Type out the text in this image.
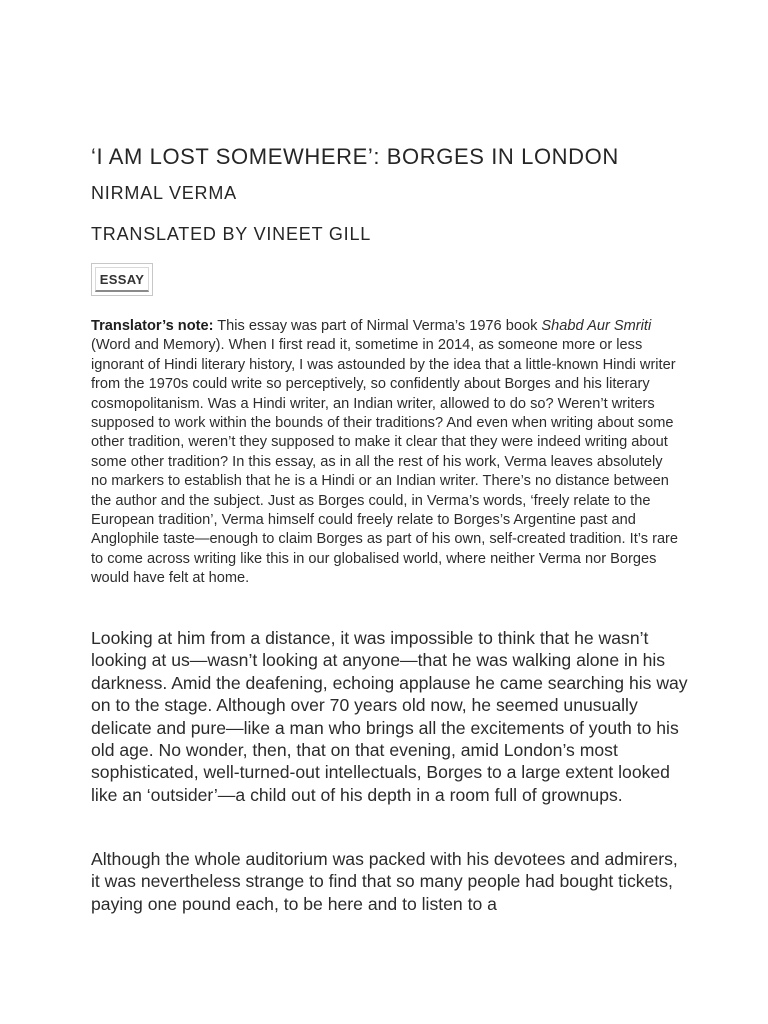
‘I AM LOST SOMEWHERE’: BORGES IN LONDON

NIRMAL VERMA

TRANSLATED BY VINEET GILL

ESSAY

Translator’s note: This essay was part of Nirmal Verma’s 1976 book Shabd Aur Smriti (Word and Memory). When I first read it, sometime in 2014, as someone more or less ignorant of Hindi literary history, I was astounded by the idea that a little-known Hindi writer from the 1970s could write so perceptively, so confidently about Borges and his literary cosmopolitanism. Was a Hindi writer, an Indian writer, allowed to do so? Weren’t writers supposed to work within the bounds of their traditions? And even when writing about some other tradition, weren’t they supposed to make it clear that they were indeed writing about some other tradition? In this essay, as in all the rest of his work, Verma leaves absolutely no markers to establish that he is a Hindi or an Indian writer. There’s no distance between the author and the subject. Just as Borges could, in Verma’s words, ‘freely relate to the European tradition’, Verma himself could freely relate to Borges’s Argentine past and Anglophile taste—enough to claim Borges as part of his own, self-created tradition. It’s rare to come across writing like this in our globalised world, where neither Verma nor Borges would have felt at home.

Looking at him from a distance, it was impossible to think that he wasn’t looking at us—wasn’t looking at anyone—that he was walking alone in his darkness. Amid the deafening, echoing applause he came searching his way on to the stage. Although over 70 years old now, he seemed unusually delicate and pure—like a man who brings all the excitements of youth to his old age. No wonder, then, that on that evening, amid London’s most sophisticated, well-turned-out intellectuals, Borges to a large extent looked like an ‘outsider’—a child out of his depth in a room full of grownups.

Although the whole auditorium was packed with his devotees and admirers, it was nevertheless strange to find that so many people had bought tickets, paying one pound each, to be here and to listen to a
